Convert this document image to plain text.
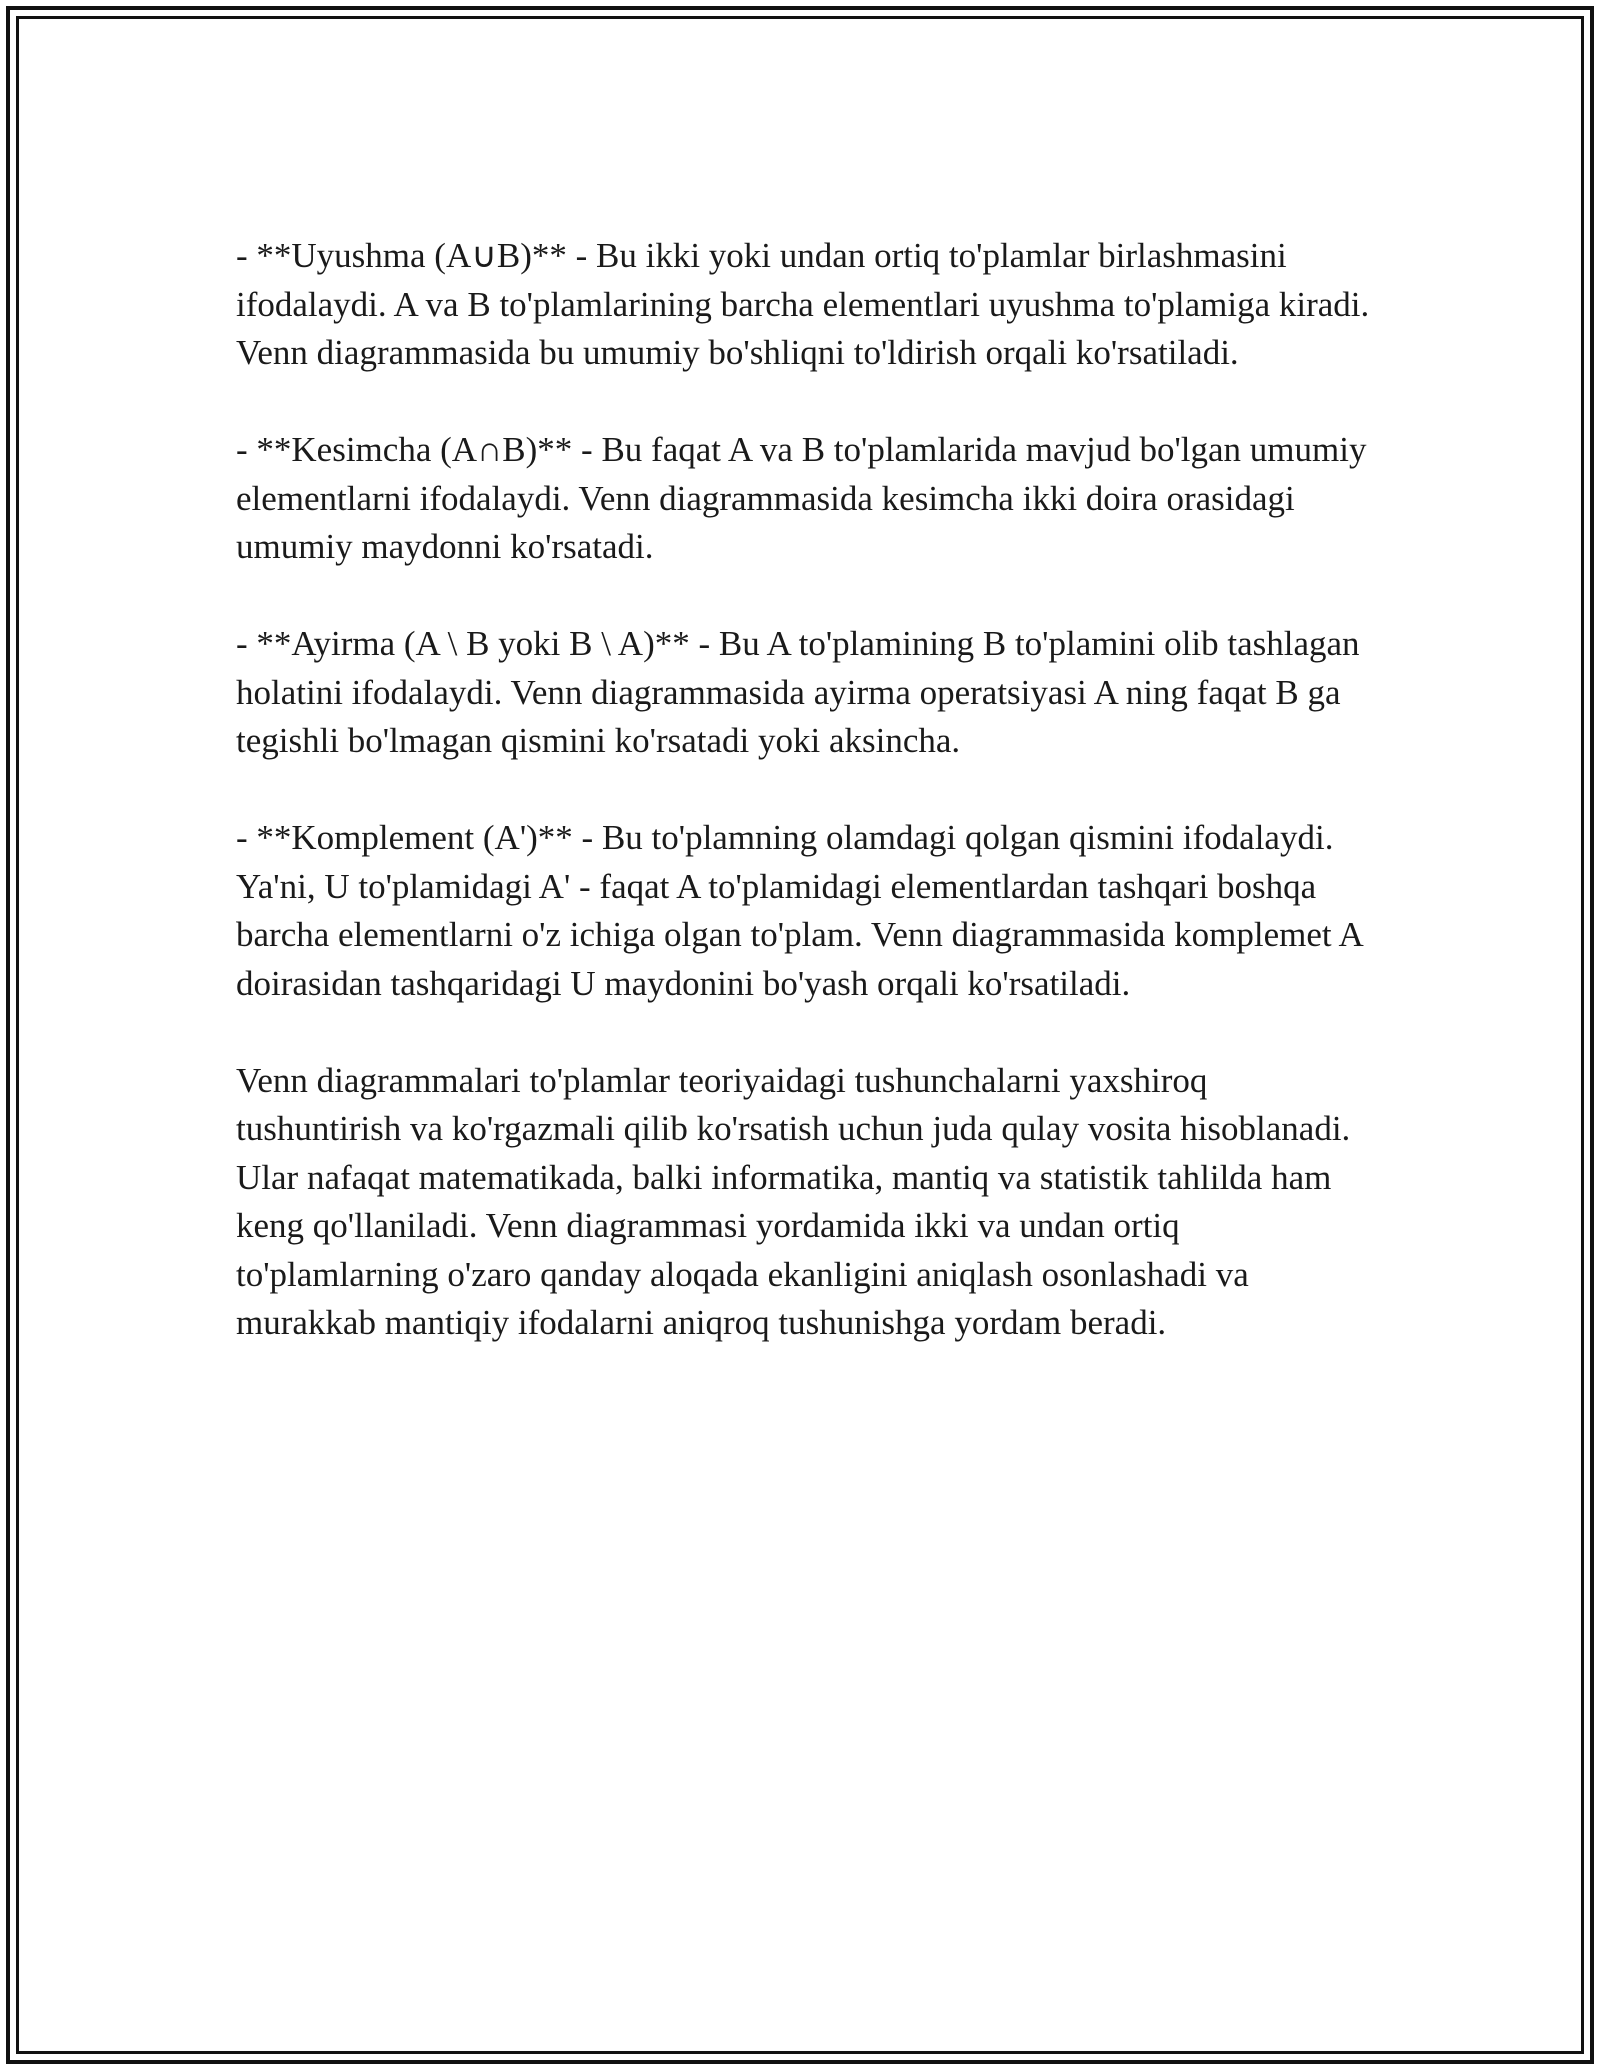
- **Uyushma (A∪B)** - Bu ikki yoki undan ortiq to'plamlar birlashmasini ifodalaydi. A va B to'plamlarining barcha elementlari uyushma to'plamiga kiradi. Venn diagrammasida bu umumiy bo'shliqni to'ldirish orqali ko'rsatiladi.

- **Kesimcha (A∩B)** - Bu faqat A va B to'plamlarida mavjud bo'lgan umumiy elementlarni ifodalaydi. Venn diagrammasida kesimcha ikki doira orasidagi umumiy maydonni ko'rsatadi.

- **Ayirma (A \ B yoki B \ A)** - Bu A to'plamining B to'plamini olib tashlagan holatini ifodalaydi. Venn diagrammasida ayirma operatsiyasi A ning faqat B ga tegishli bo'lmagan qismini ko'rsatadi yoki aksincha.

- **Komplement (A')** - Bu to'plamning olamdagi qolgan qismini ifodalaydi. Ya'ni, U to'plamidagi A' - faqat A to'plamidagi elementlardan tashqari boshqa barcha elementlarni o'z ichiga olgan to'plam. Venn diagrammasida komplemet A doirasidan tashqaridagi U maydonini bo'yash orqali ko'rsatiladi.

Venn diagrammalari to'plamlar teoriyaidagi tushunchalarni yaxshiroq tushuntirish va ko'rgazmali qilib ko'rsatish uchun juda qulay vosita hisoblanadi. Ular nafaqat matematikada, balki informatika, mantiq va statistik tahlilda ham keng qo'llaniladi. Venn diagrammasi yordamida ikki va undan ortiq to'plamlarning o'zaro qanday aloqada ekanligini aniqlash osonlashadi va murakkab mantiqiy ifodalarni aniqroq tushunishga yordam beradi.
